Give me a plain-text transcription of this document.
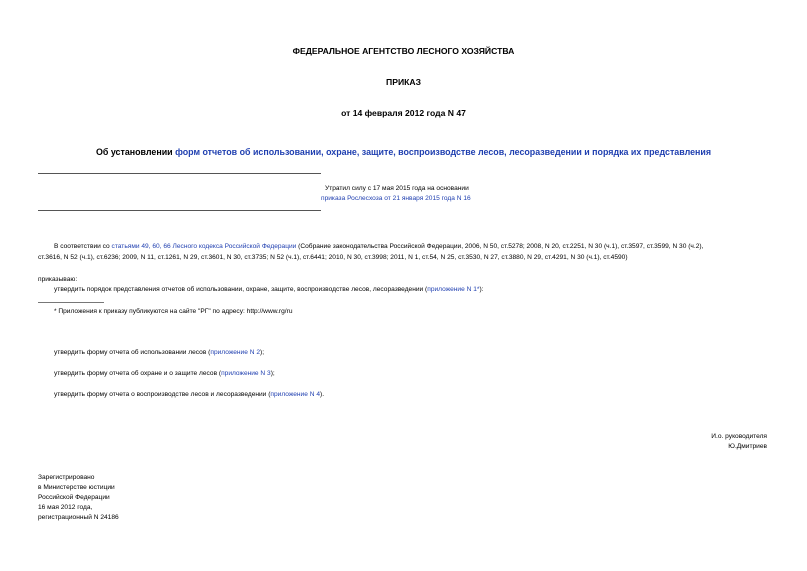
ФЕДЕРАЛЬНОЕ АГЕНТСТВО ЛЕСНОГО ХОЗЯЙСТВА
ПРИКАЗ
от 14 февраля 2012 года N 47
Об установлении форм отчетов об использовании, охране, защите, воспроизводстве лесов, лесоразведении и порядка их представления
Утратил силу с 17 мая 2015 года на основании
приказа Рослесхоза от 21 января 2015 года N 16
В соответствии со статьями 49, 60, 66 Лесного кодекса Российской Федерации (Собрание законодательства Российской Федерации, 2006, N 50, ст.5278; 2008, N 20, ст.2251, N 30 (ч.1), ст.3597, ст.3599, N 30 (ч.2),
ст.3616, N 52 (ч.1), ст.6236; 2009, N 11, ст.1261, N 29, ст.3601, N 30, ст.3735; N 52 (ч.1), ст.6441; 2010, N 30, ст.3998; 2011, N 1, ст.54, N 25, ст.3530, N 27, ст.3880, N 29, ст.4291, N 30 (ч.1), ст.4590)
приказываю:
утвердить порядок представления отчетов об использовании, охране, защите, воспроизводстве лесов, лесоразведении (приложение N 1*):
* Приложения к приказу публикуются на сайте "РГ" по адресу: http://www.rg/ru
утвердить форму отчета об использовании лесов (приложение N 2);
утвердить форму отчета об охране и о защите лесов (приложение N 3);
утвердить форму отчета о воспроизводстве лесов и лесоразведении (приложение N 4).
И.о. руководителя
Ю.Дмитриев
Зарегистрировано
в Министерстве юстиции
Российской Федерации
16 мая 2012 года,
регистрационный N 24186
